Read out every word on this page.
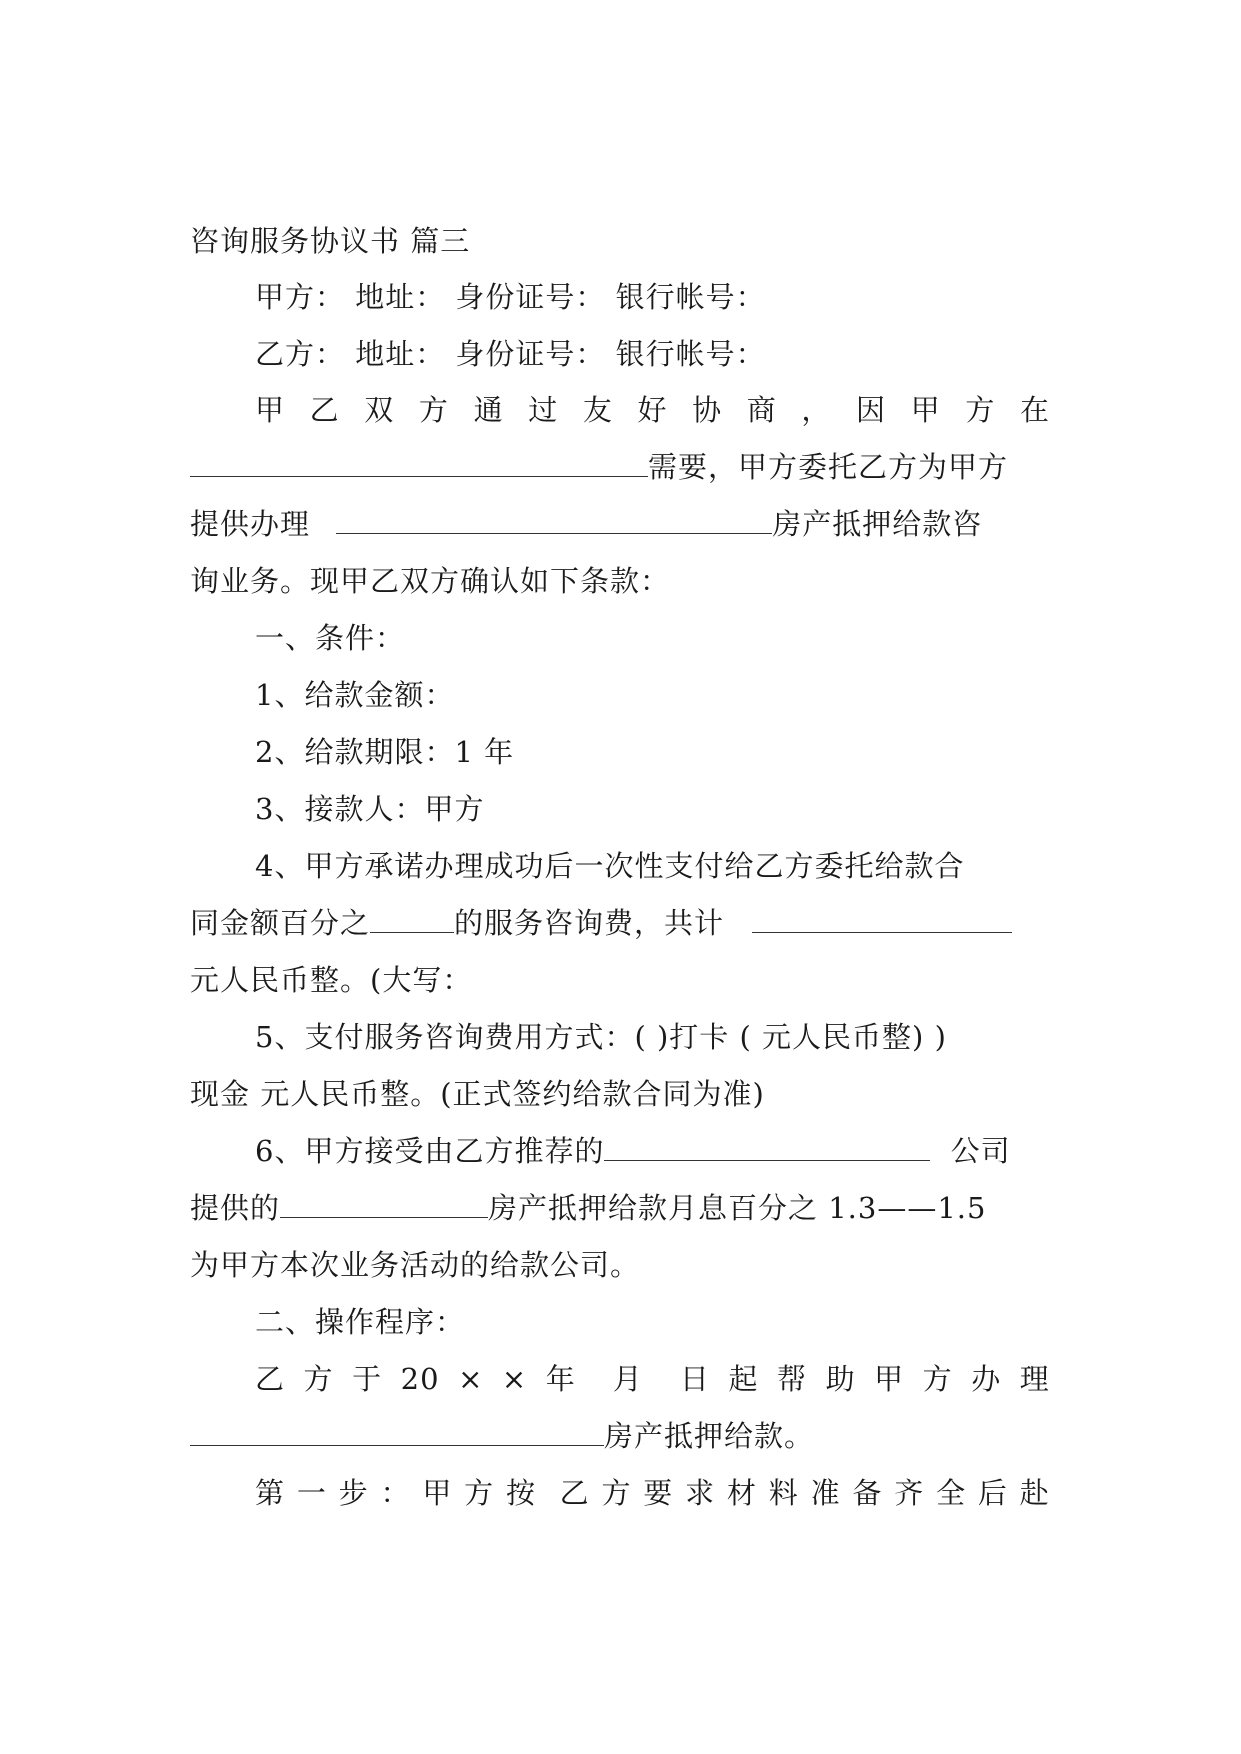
咨询服务协议书 篇三
甲方： 地址： 身份证号： 银行帐号：
乙方： 地址： 身份证号： 银行帐号：
甲 乙 双 方 通 过 友 好 协 商 ， 因 甲 方 在
需要，甲方委托乙方为甲方
提供办理	房产抵押给款咨
询业务。现甲乙双方确认如下条款：
一、条件：
1、给款金额：
2、给款期限：1 年
3、接款人：甲方
4、甲方承诺办理成功后一次性支付给乙方委托给款合
同金额百分之	的服务咨询费，共计
元人民币整。(大写：
5、支付服务咨询费用方式：( )打卡 ( 元人民币整) )
现金 元人民币整。(正式签约给款合同为准)
6、甲方接受由乙方推荐的	公司
提供的	房产抵押给款月息百分之 1.3——1.5
为甲方本次业务活动的给款公司。
二、操作程序：
乙 方 于 20 × × 年 月 日 起 帮 助 甲 方 办 理
房产抵押给款。
第 一 步 ： 甲 方 按 乙 方 要 求 材 料 准 备 齐 全 后 赴
